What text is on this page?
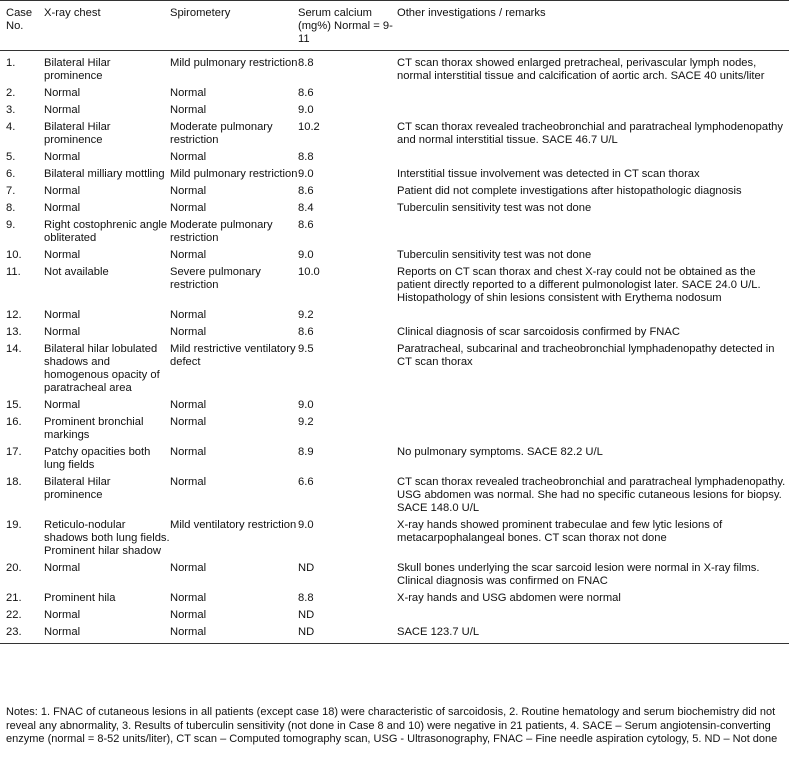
Case No.	X-ray chest	Spirometery	Serum calcium (mg%) Normal = 9-11	Other investigations / remarks
1.	Bilateral Hilar prominence	Mild pulmonary restriction	8.8	CT scan thorax showed enlarged pretracheal, perivascular lymph nodes, normal interstitial tissue and calcification of aortic arch. SACE 40 units/liter
2.	Normal	Normal	8.6	
3.	Normal	Normal	9.0	
4.	Bilateral Hilar prominence	Moderate pulmonary restriction	10.2	CT scan thorax revealed tracheobronchial and paratracheal lymphodenopathy and normal interstitial tissue. SACE 46.7 U/L
5.	Normal	Normal	8.8	
6.	Bilateral milliary mottling	Mild pulmonary restriction	9.0	Interstitial tissue involvement was detected in CT scan thorax
7.	Normal	Normal	8.6	Patient did not complete investigations after histopathologic diagnosis
8.	Normal	Normal	8.4	Tuberculin sensitivity test was not done
9.	Right costophrenic angle obliterated	Moderate pulmonary restriction	8.6	
10.	Normal	Normal	9.0	Tuberculin sensitivity test was not done
11.	Not available	Severe pulmonary restriction	10.0	Reports on CT scan thorax and chest X-ray could not be obtained as the patient directly reported to a different pulmonologist later. SACE 24.0 U/L. Histopathology of shin lesions consistent with Erythema nodosum
12.	Normal	Normal	9.2	
13.	Normal	Normal	8.6	Clinical diagnosis of scar sarcoidosis confirmed by FNAC
14.	Bilateral hilar lobulated shadows and homogenous opacity of paratracheal area	Mild restrictive ventilatory defect	9.5	Paratracheal, subcarinal and tracheobronchial lymphadenopathy detected in CT scan thorax
15.	Normal	Normal	9.0	
16.	Prominent bronchial markings	Normal	9.2	
17.	Patchy opacities both lung fields	Normal	8.9	No pulmonary symptoms. SACE 82.2 U/L
18.	Bilateral Hilar prominence	Normal	6.6	CT scan thorax revealed tracheobronchial and paratracheal lymphadenopathy. USG abdomen was normal. She had no specific cutaneous lesions for biopsy. SACE 148.0 U/L
19.	Reticulo-nodular shadows both lung fields. Prominent hilar shadow	Mild ventilatory restriction	9.0	X-ray hands showed prominent trabeculae and few lytic lesions of metacarpophalangeal bones. CT scan thorax not done
20.	Normal	Normal	ND	Skull bones underlying the scar sarcoid lesion were normal in X-ray films. Clinical diagnosis was confirmed on FNAC
21.	Prominent hila	Normal	8.8	X-ray hands and USG abdomen were normal
22.	Normal	Normal	ND	
23.	Normal	Normal	ND	SACE 123.7 U/L
Notes: 1. FNAC of cutaneous lesions in all patients (except case 18) were characteristic of sarcoidosis, 2. Routine hematology and serum biochemistry did not reveal any abnormality, 3. Results of tuberculin sensitivity (not done in Case 8 and 10) were negative in 21 patients, 4. SACE – Serum angiotensin-converting enzyme (normal = 8-52 units/liter), CT scan – Computed tomography scan, USG - Ultrasonography, FNAC – Fine needle aspiration cytology, 5. ND – Not done
